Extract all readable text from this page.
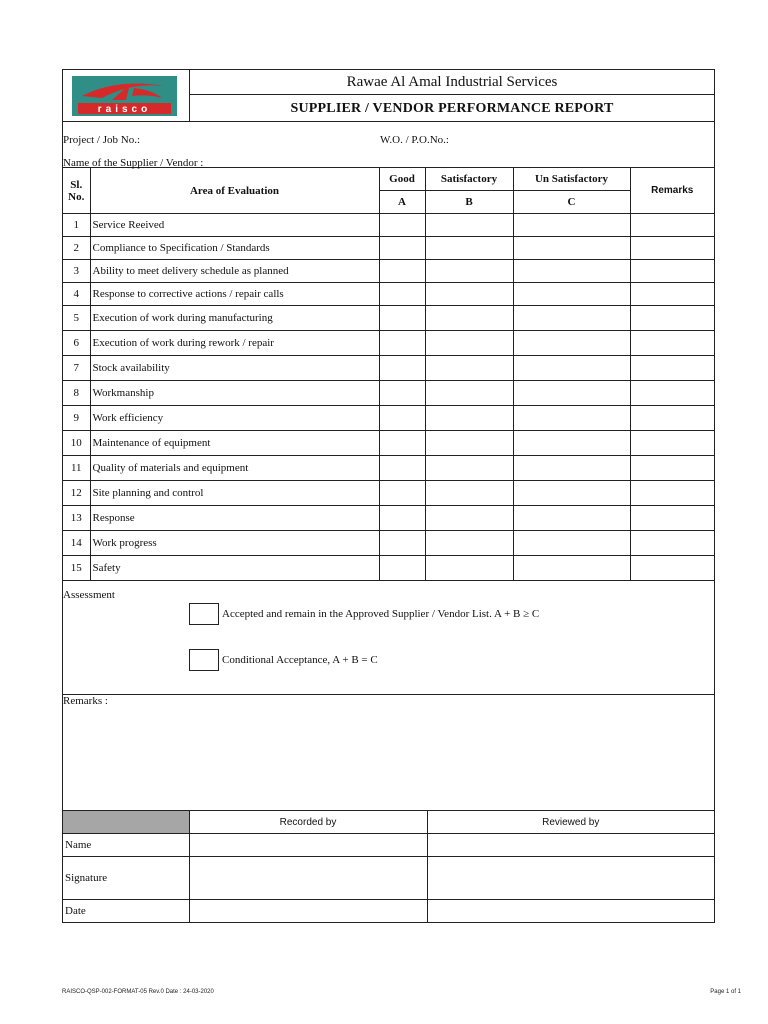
raisco
Rawae Al Amal Industrial Services
SUPPLIER / VENDOR PERFORMANCE REPORT
Project / Job No.:	W.O. / P.O.No.:
Name of the Supplier / Vendor :
Sl. No.	Area of Evaluation	Good	Satisfactory	Un Satisfactory	Remarks
		A	B	C	
1	Service Reeived				
2	Compliance to Specification / Standards				
3	Ability to meet delivery schedule as planned				
4	Response to corrective actions / repair calls				
5	Execution of work during manufacturing				
6	Execution of work during rework / repair				
7	Stock availability				
8	Workmanship				
9	Work efficiency				
10	Maintenance of equipment				
11	Quality of materials and equipment				
12	Site planning and control				
13	Response				
14	Work progress				
15	Safety				
Assessment
Accepted and remain in the Approved Supplier / Vendor List. A + B ≥ C
Conditional Acceptance, A + B = C
Remarks :
	Recorded by	Reviewed by
Name		
Signature		
Date		
RAISCO-QSP-002-FORMAT-05 Rev.0 Date : 24-03-2020	Page 1 of 1
